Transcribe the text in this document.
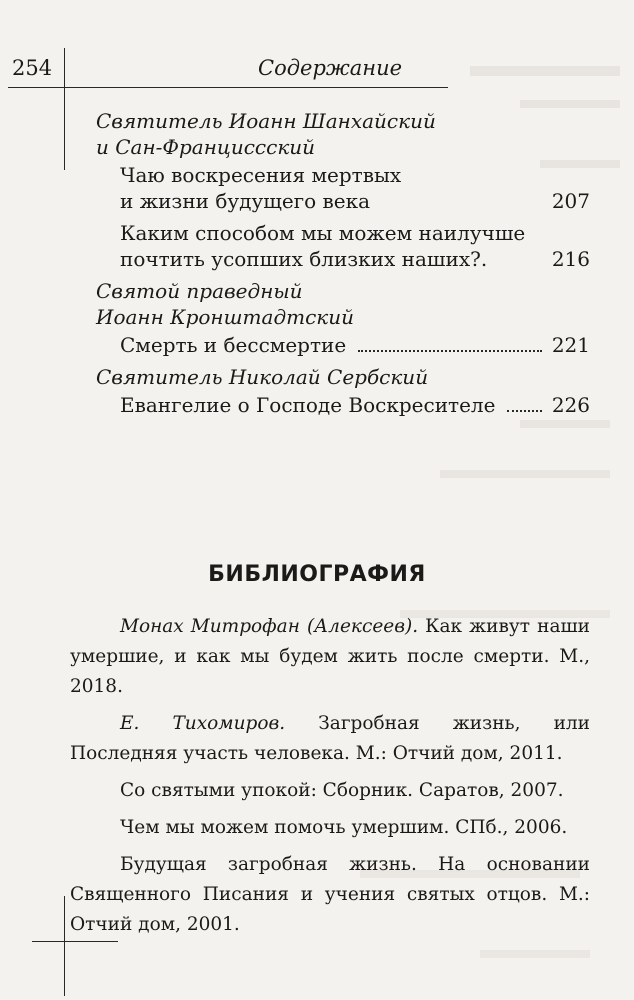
254	Содержание

Святитель Иоанн Шанхайский
и Сан-Франциссский

Чаю воскресения мертвых
и жизни будущего века	207
Каким способом мы можем наилучше
почтить усопших близких наших?.	216

Святой праведный
Иоанн Кронштадтский

Смерть и бессмертие	221

Святитель Николай Сербский

Евангелие о Господе Воскресителе	226
БИБЛИОГРАФИЯ

Монах Митрофан (Алексеев). Как живут наши умершие, и как мы будем жить после смерти. М., 2018.

Е. Тихомиров. Загробная жизнь, или Последняя участь человека. М.: Отчий дом, 2011.

Со святыми упокой: Сборник. Саратов, 2007.

Чем мы можем помочь умершим. СПб., 2006.

Будущая загробная жизнь. На основании Священного Писания и учения святых отцов. М.: Отчий дом, 2001.
